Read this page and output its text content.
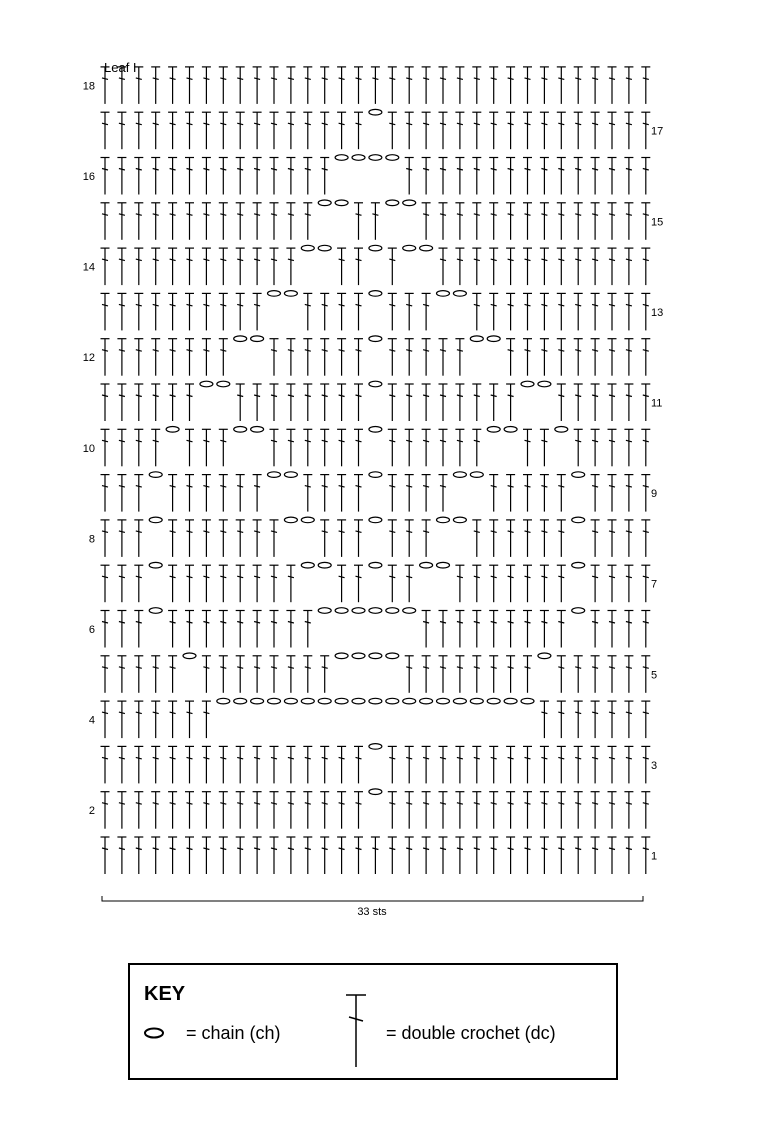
Leaf I
1
2
3
4
5
6
7
8
9
10
11
12
13
14
15
16
17
18
33 sts
KEY
= chain (ch)	= double crochet (dc)
